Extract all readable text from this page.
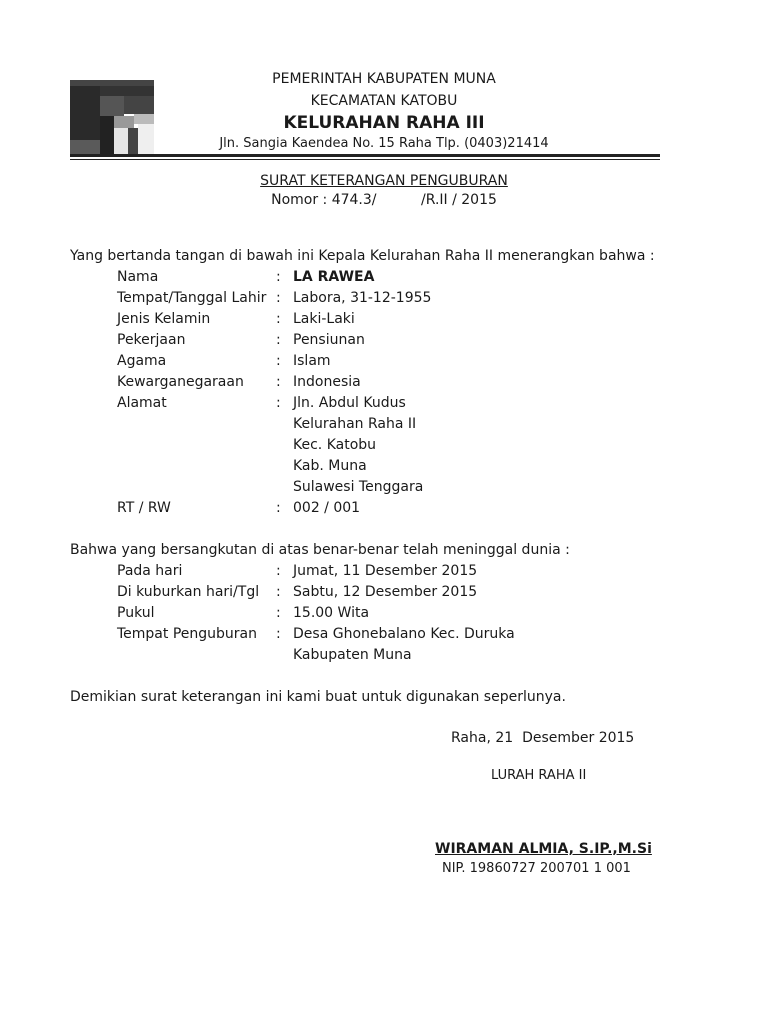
PEMERINTAH KABUPATEN MUNA
KECAMATAN KATOBU
KELURAHAN RAHA III
Jln. Sangia Kaendea No. 15 Raha Tlp. (0403)21414
SURAT KETERANGAN PENGUBURAN
Nomor : 474.3/          /R.II / 2015
Yang bertanda tangan di bawah ini Kepala Kelurahan Raha II menerangkan bahwa :
Nama	: LA RAWEA
Tempat/Tanggal Lahir : Labora, 31-12-1955
Jenis Kelamin	: Laki-Laki
Pekerjaan	: Pensiunan
Agama	: Islam
Kewarganegaraan : Indonesia
Alamat	: Jln. Abdul Kudus
Kelurahan Raha II
Kec. Katobu
Kab. Muna
Sulawesi Tenggara
RT / RW	: 002 / 001
Bahwa yang bersangkutan di atas benar-benar telah meninggal dunia :
Pada hari	: Jumat, 11 Desember 2015
Di kuburkan hari/Tgl : Sabtu, 12 Desember 2015
Pukul	: 15.00 Wita
Tempat Penguburan : Desa Ghonebalano Kec. Duruka
Kabupaten Muna
Demikian surat keterangan ini kami buat untuk digunakan seperlunya.
Raha, 21  Desember 2015
LURAH RAHA II
WIRAMAN ALMIA, S.IP.,M.Si
NIP. 19860727 200701 1 001
